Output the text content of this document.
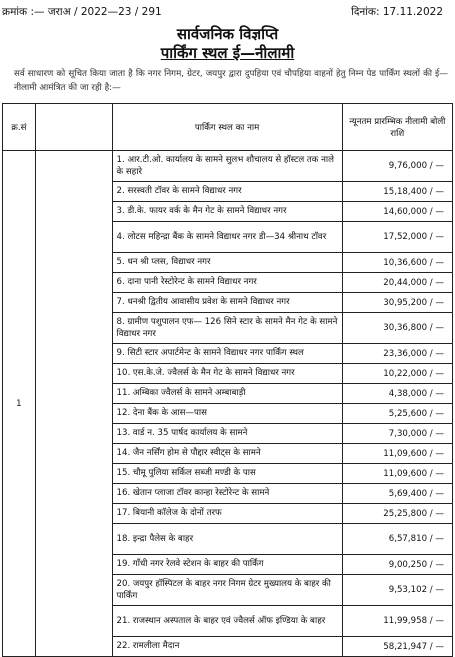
क्रमांक :— जराअ / 2022—23 / 291	दिनांक: 17.11.2022
सार्वजनिक विज्ञप्ति
पार्किंग स्थल ई—नीलामी
सर्व साधारण को सूचित किया जाता है कि नगर निगम, ग्रेटर, जयपुर द्वारा दुपहिया एवं चौपहिया वाहनों हेतु निम्न पेड पार्किंग स्थलों की ई—नीलामी आमंत्रित की जा रही है:—
क्र.सं		पार्किंग स्थल का नाम	न्यूनतम प्रारम्भिक नीलामी बोली राशि
1		1. आर.टी.ओ. कार्यालय के सामने सुलभ शौचालय से हॉस्टल तक नाले के सहारे	9,76,000 / —
		2. सरस्वती टॉवर के सामने विद्याधर नगर	15,18,400 / —
		3. डी.के. फायर वर्क के मैन गेट के सामने विद्याधर नगर	14,60,000 / —
		4. लोटस महिन्द्रा बैंक के सामने विद्याधर नगर डी—34 श्रीनाथ टॉवर	17,52,000 / —
		5. धन श्री प्लस, विद्याधर नगर	10,36,600 / —
		6. दाना पानी रेस्टोरेन्ट के सामने विद्याधर नगर	20,44,000 / —
		7. धनश्री द्वितीय आवासीय प्रवेश के सामने विद्याधर नगर	30,95,200 / —
		8. ग्रामीण पशुपालन एफ— 126 सिने स्टार के सामने मैन गेट के सामने विद्याधर नगर	30,36,800 / —
		9. सिटी स्टार अपार्टमेन्ट के सामने विद्याधर नगर पार्किंग स्थल	23,36,000 / —
		10. एस.के.जे. ज्वैलर्स के मैन गेट के सामने विद्याधर नगर	10,22,000 / —
		11. अम्बिका ज्वैलर्स के सामने अम्बाबाड़ी	4,38,000 / —
		12. देना बैंक के आस—पास	5,25,600 / —
		13. वार्ड न. 35 पार्षद कार्यालय के सामने	7,30,000 / —
		14. जैन नर्सिंग होम से पौद्दार स्वीट्स के सामने	11,09,600 / —
		15. चौमू पुलिया सर्किल सब्जी मण्डी के पास	11,09,600 / —
		16. खेतान प्लाजा टॉवर कान्हा रेस्टोरेन्ट के सामने	5,69,400 / —
		17. बियानी कॉलेज के दोनों तरफ	25,25,800 / —
		18. इन्द्रा पैलेस के बाहर	6,57,810 / —
		19. गाँधी नगर रेलवे स्टेशन के बाहर की पार्किंग	9,00,250 / —
		20. जयपुर हॉस्पिटल के बाहर नगर निगम ग्रेटर मुख्यालय के बाहर की पार्किंग	9,53,102 / —
		21. राजस्थान अस्पताल के बाहर एवं ज्वैलर्स ऑफ इण्डिया के बाहर	11,99,958 / —
		22. रामलीला मैदान	58,21,947 / —
